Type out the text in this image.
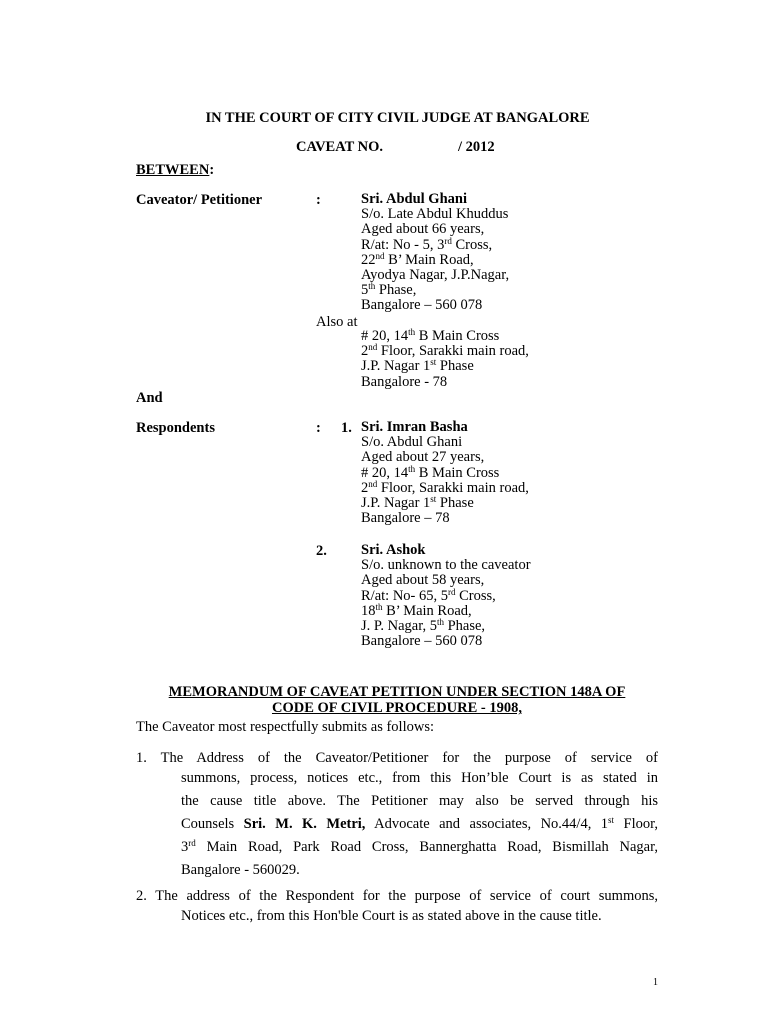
IN THE COURT OF CITY CIVIL JUDGE AT BANGALORE
CAVEAT NO.	/ 2012
BETWEEN:
Caveator/ Petitioner	:	Sri. Abdul Ghani
S/o. Late Abdul Khuddus
Aged about 66 years,
R/at: No - 5, 3rd Cross,
22nd B’ Main Road,
Ayodya Nagar, J.P.Nagar,
5th Phase,
Bangalore – 560 078
Also at
# 20, 14th B Main Cross
2nd Floor, Sarakki main road,
J.P. Nagar 1st Phase
Bangalore - 78
And
Respondents	: 1. Sri. Imran Basha
S/o. Abdul Ghani
Aged about 27 years,
# 20, 14th B Main Cross
2nd Floor, Sarakki main road,
J.P. Nagar 1st Phase
Bangalore – 78
2. Sri. Ashok
S/o. unknown to the caveator
Aged about 58 years,
R/at: No- 65, 5rd Cross,
18th B’ Main Road,
J. P. Nagar, 5th Phase,
Bangalore – 560 078
MEMORANDUM OF CAVEAT PETITION UNDER SECTION 148A OF
CODE OF CIVIL PROCEDURE - 1908,
The Caveator most respectfully submits as follows:
1. The Address of the Caveator/Petitioner for the purpose of service of
summons, process, notices etc., from this Hon’ble Court is as stated in
the cause title above. The Petitioner may also be served through his
Counsels Sri. M. K. Metri, Advocate and associates, No.44/4, 1st Floor,
3rd Main Road, Park Road Cross, Bannerghatta Road, Bismillah Nagar,
Bangalore - 560029.
2. The address of the Respondent for the purpose of service of court summons,
Notices etc., from this Hon'ble Court is as stated above in the cause title.
1
